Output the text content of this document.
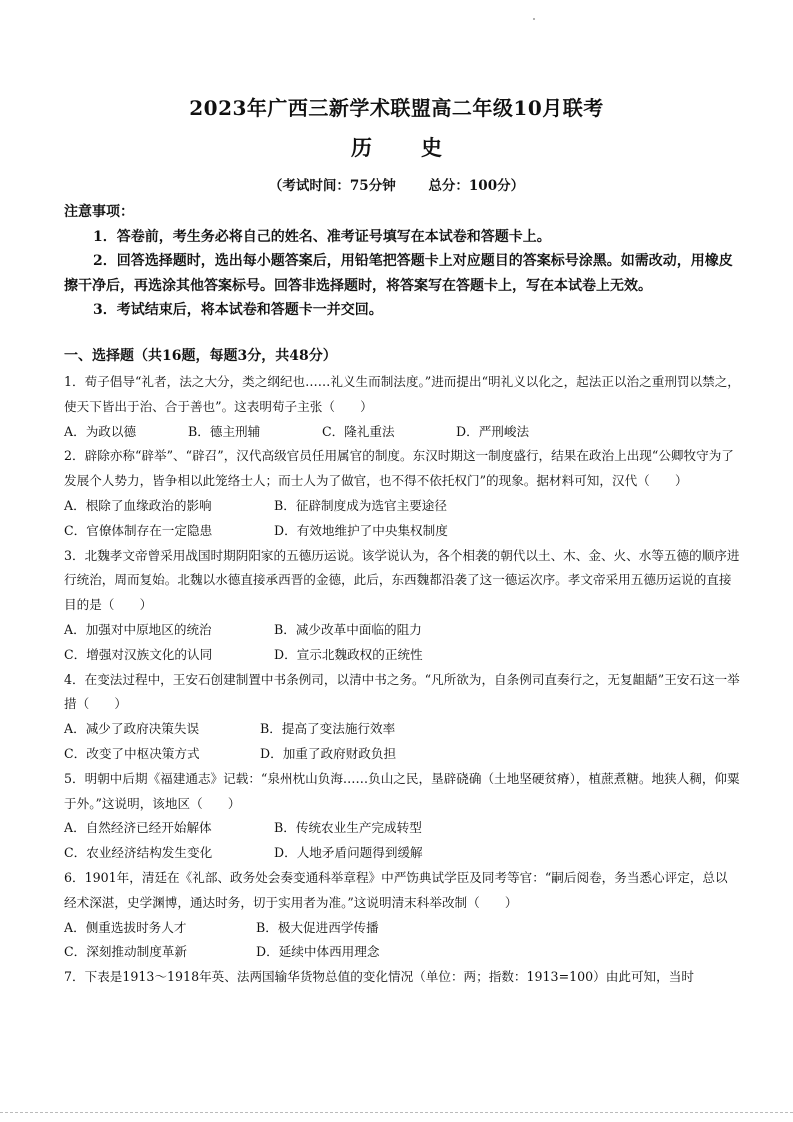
2023年广西三新学术联盟高二年级10月联考
历　史
（考试时间：75分钟 总分：100分）
注意事项：
1．答卷前，考生务必将自己的姓名、准考证号填写在本试卷和答题卡上。
2．回答选择题时，选出每小题答案后，用铅笔把答题卡上对应题目的答案标号涂黑。如需改动，用橡皮擦干净后，再选涂其他答案标号。回答非选择题时，将答案写在答题卡上，写在本试卷上无效。
3．考试结束后，将本试卷和答题卡一并交回。
一、选择题（共16题，每题3分，共48分）
1．荀子倡导“礼者，法之大分，类之纲纪也……礼义生而制法度。”进而提出“明礼义以化之，起法正以治之重刑罚以禁之，使天下皆出于治、合于善也”。这表明荀子主张（　　）
A．为政以德	B．德主刑辅	C．隆礼重法	D．严刑峻法
2．辟除亦称“辟举”、“辟召”，汉代高级官员任用属官的制度。东汉时期这一制度盛行，结果在政治上出现“公卿牧守为了发展个人势力，皆争相以此笼络士人；而士人为了做官，也不得不依托权门”的现象。据材料可知，汉代（　　）
A．根除了血缘政治的影响	B．征辟制度成为选官主要途径
C．官僚体制存在一定隐患	D．有效地维护了中央集权制度
3．北魏孝文帝曾采用战国时期阴阳家的五德历运说。该学说认为，各个相袭的朝代以土、木、金、火、水等五德的顺序进行统治，周而复始。北魏以水德直接承西晋的金德，此后，东西魏都沿袭了这一德运次序。孝文帝采用五德历运说的直接目的是（　　）
A．加强对中原地区的统治	B．减少改革中面临的阻力
C．增强对汉族文化的认同	D．宣示北魏政权的正统性
4．在变法过程中，王安石创建制置中书条例司，以清中书之务。“凡所欲为，自条例司直奏行之，无复龃龉”王安石这一举措（　　）
A．减少了政府决策失误	B．提高了变法施行效率
C．改变了中枢决策方式	D．加重了政府财政负担
5．明朝中后期《福建通志》记载：“泉州枕山负海……负山之民，垦辟硗确（土地坚硬贫瘠），植蔗煮糖。地狭人稠，仰粟于外。”这说明，该地区（　　）
A．自然经济已经开始解体	B．传统农业生产完成转型
C．农业经济结构发生变化	D．人地矛盾问题得到缓解
6．1901年，清廷在《礼部、政务处会奏变通科举章程》中严饬典试学臣及同考等官：“嗣后阅卷，务当悉心评定，总以经术深湛，史学渊博，通达时务，切于实用者为准。”这说明清末科举改制（　　）
A．侧重选拔时务人才	B．极大促进西学传播
C．深刻推动制度革新	D．延续中体西用理念
7．下表是1913～1918年英、法两国输华货物总值的变化情况（单位：两；指数：1913=100）由此可知，当时
